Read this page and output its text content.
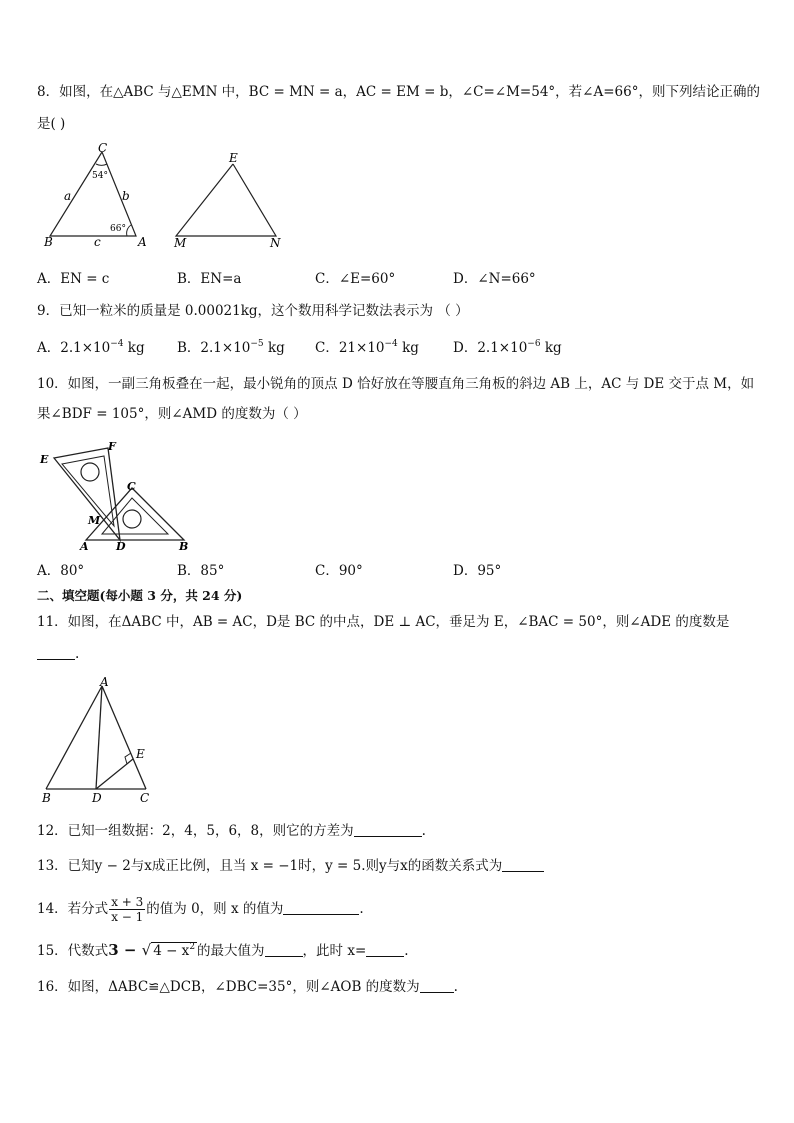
8．如图，在△ABC 与△EMN 中，BC = MN = a，AC = EM = b，∠C=∠M=54°，若∠A=66°，则下列结论正确的
是( )
C
A
B
a	b
c
54°
66°
E
M	N
A．EN = c	B．EN=a	C．∠E=60°	D．∠N=66°
9．已知一粒米的质量是 0.00021kg，这个数用科学记数法表示为 （ ）
A．$2.1\times 10^{-4}$ kg B．$2.1\times 10^{-5}$ kg C．$21\times 10^{-4}$ kg	D．$2.1\times 10^{-6}$ kg
10．如图，一副三角板叠在一起，最小锐角的顶点 D 恰好放在等腰直角三角板的斜边 AB 上，AC 与 DE 交于点 M，如
果∠BDF = 105°，则∠AMD 的度数为（ ）
E
F
C
M
A D	B
A．80°	B．85°	C．90°	D．95°
二、填空题(每小题 3 分，共 24 分)
11．如图，在ΔABC 中，AB = AC，D是 BC 的中点，DE ⊥ AC，垂足为 E，∠BAC = 50°，则∠ADE 的度数是
.
A
B	D	C
E
12．已知一组数据：2，4，5，6，8，则它的方差为	.
13．已知y − 2与x成正比例，且当 x = −1时，y = 5.则y与x的函数关系式为
14．若分式 $\frac{x + 3}{x - 1}$ 的值为 0，则 x 的值为	.
15．代数式3 − √ $4 - x^2$ 的最大值为	，此时 x=	.
16．如图，ΔABC≌△DCB，∠DBC=35°，则∠AOB 的度数为	.
